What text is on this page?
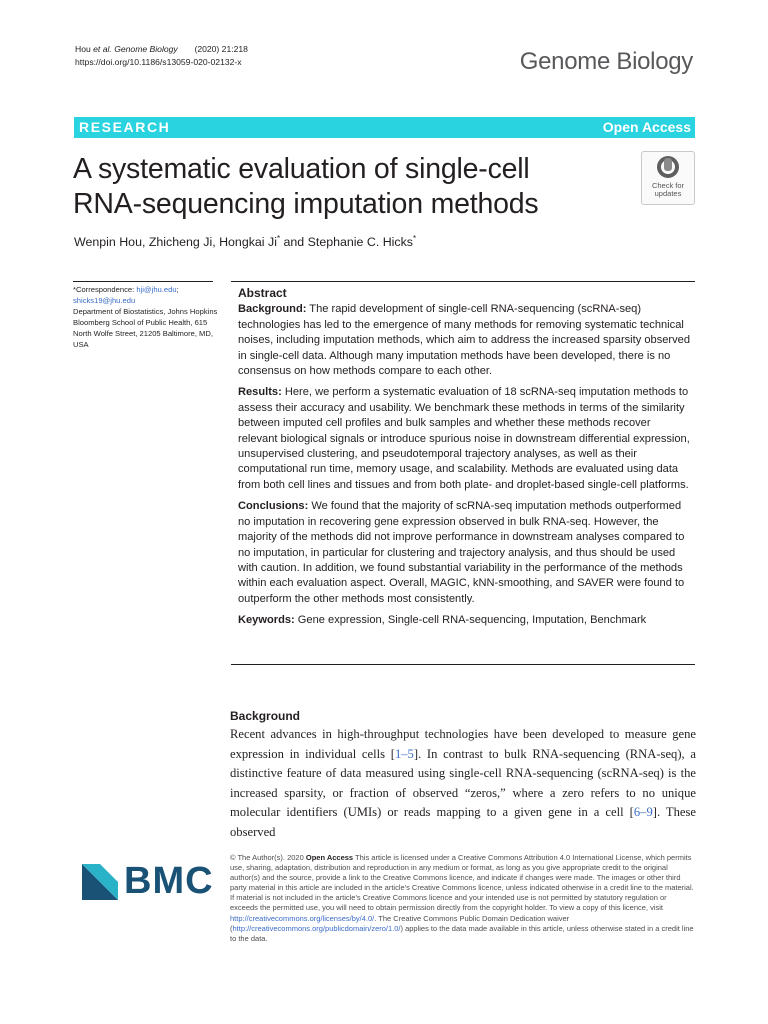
Hou et al. Genome Biology (2020) 21:218
https://doi.org/10.1186/s13059-020-02132-x	Genome Biology
RESEARCH	Open Access
A systematic evaluation of single-cell
RNA-sequencing imputation methods
Check for
updates
Wenpin Hou, Zhicheng Ji, Hongkai Ji* and Stephanie C. Hicks*
*Correspondence: hji@jhu.edu;
shicks19@jhu.edu
Department of Biostatistics, Johns Hopkins Bloomberg School of Public Health, 615 North Wolfe Street, 21205 Baltimore, MD, USA
Abstract

Background: The rapid development of single-cell RNA-sequencing (scRNA-seq) technologies has led to the emergence of many methods for removing systematic technical noises, including imputation methods, which aim to address the increased sparsity observed in single-cell data. Although many imputation methods have been developed, there is no consensus on how methods compare to each other.

Results: Here, we perform a systematic evaluation of 18 scRNA-seq imputation methods to assess their accuracy and usability. We benchmark these methods in terms of the similarity between imputed cell profiles and bulk samples and whether these methods recover relevant biological signals or introduce spurious noise in downstream differential expression, unsupervised clustering, and pseudotemporal trajectory analyses, as well as their computational run time, memory usage, and scalability. Methods are evaluated using data from both cell lines and tissues and from both plate- and droplet-based single-cell platforms.

Conclusions: We found that the majority of scRNA-seq imputation methods outperformed no imputation in recovering gene expression observed in bulk RNA-seq. However, the majority of the methods did not improve performance in downstream analyses compared to no imputation, in particular for clustering and trajectory analysis, and thus should be used with caution. In addition, we found substantial variability in the performance of the methods within each evaluation aspect. Overall, MAGIC, kNN-smoothing, and SAVER were found to outperform the other methods most consistently.

Keywords: Gene expression, Single-cell RNA-sequencing, Imputation, Benchmark

Background

Recent advances in high-throughput technologies have been developed to measure gene expression in individual cells [1–5]. In contrast to bulk RNA-sequencing (RNA-seq), a distinctive feature of data measured using single-cell RNA-sequencing (scRNA-seq) is the increased sparsity, or fraction of observed “zeros,” where a zero refers to no unique molecular identifiers (UMIs) or reads mapping to a given gene in a cell [6–9]. These observed

BMC
© The Author(s). 2020 Open Access This article is licensed under a Creative Commons Attribution 4.0 International License, which permits use, sharing, adaptation, distribution and reproduction in any medium or format, as long as you give appropriate credit to the original author(s) and the source, provide a link to the Creative Commons licence, and indicate if changes were made. The images or other third party material in this article are included in the article's Creative Commons licence, unless indicated otherwise in a credit line to the material. If material is not included in the article's Creative Commons licence and your intended use is not permitted by statutory regulation or exceeds the permitted use, you will need to obtain permission directly from the copyright holder. To view a copy of this licence, visit http://creativecommons.org/licenses/by/4.0/. The Creative Commons Public Domain Dedication waiver (http://creativecommons.org/publicdomain/zero/1.0/) applies to the data made available in this article, unless otherwise stated in a credit line to the data.
